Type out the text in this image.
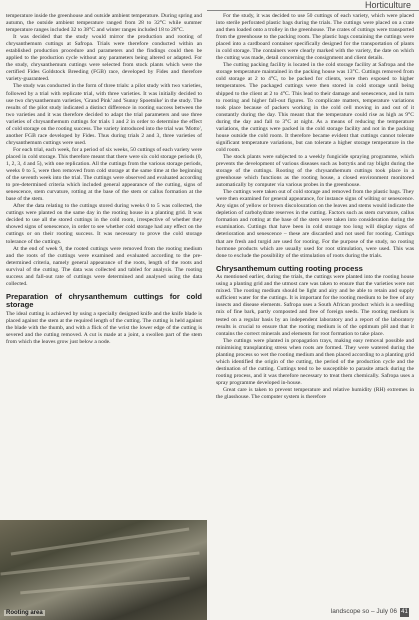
Horticulture

temperature inside the greenhouse and outside ambient temperature. During spring and autumn, the outside ambient temperature ranged from 28 to 32°C while summer temperature ranges included 32 to 38°C and winter ranges included 18 to 28°C.

It was decided that the study would mirror the production and rooting of chrysanthemum cuttings at Safropa. Trials were therefore conducted within an established production procedure and parameters and the findings could then be applied to the production cycle without any parameters being altered or adapted. For the study, chrysanthemum cuttings were selected from stock plants which were the certified Fides Goldstock Breeding (FGB) race, developed by Fides and therefore variety-guaranteed.

The study was conducted in the form of three trials: a pilot study with two varieties, followed by a trial with replicate trial, with three varieties. It was initially decided to use two chrysanthemum varieties, 'Grand Pink' and 'Sunny Spoetnike' in the study. The results of the pilot study indicated a distinct difference in rooting success between the two varieties and it was therefore decided to adapt the trial parameters and use three varieties of chrysanthemum cuttings for trials 1 and 2 in order to determine the effect of cold storage on the rooting success. The variety introduced into the trial was 'Motto', another FGB race developed by Fides. Thus during trials 2 and 3, three varieties of chrysanthemum cuttings were used.

For each trial, each week, for a period of six weeks, 50 cuttings of each variety were placed in cold storage. This therefore meant that there were six cold storage periods (0, 1, 2, 3, 4 and 5), with one replication. All the cuttings from the various storage periods, weeks 0 to 5, were then removed from cold storage at the same time at the beginning of the seventh week into the trial. The cuttings were observed and evaluated according to pre-determined criteria which included general appearance of the cutting, signs of senescence, stem curvature, rotting at the base of the stem or callus formation at the base of the stem.

After the data relating to the cuttings stored during weeks 0 to 5 was collected, the cuttings were planted on the same day in the rooting house in a planting grid. It was decided to use all the stored cuttings in the cold room, irrespective of whether they showed signs of senescence, in order to see whether cold storage had any effect on the cuttings or on their rooting success. It was necessary to prove the cold storage tolerance of the cuttings.

At the end of week 9, the rooted cuttings were removed from the rooting medium and the roots of the cuttings were examined and evaluated according to the pre-determined criteria, namely general appearance of the roots, length of the roots and survival of the cutting. The data was collected and tabled for analysis. The rooting success and fall-out rate of cuttings were determined and analysed using the data collected.

Preparation of chrysanthemum cuttings for cold storage

The ideal cutting is achieved by using a specially designed knife and the knife blade is placed against the stem at the required length of the cutting. The cutting is held against the blade with the thumb, and with a flick of the wrist the lower edge of the cutting is severed and the cutting removed. A cut is made at a joint, a swollen part of the stem from which the leaves grow just below a node.

For the study, it was decided to use 50 cuttings of each variety, which were placed into sterile perforated plastic bags during the trials. The cuttings were placed on a crate and then loaded onto a trolley in the greenhouse. The crates of cuttings were transported from the greenhouse to the packing room. The plastic bags containing the cuttings were placed into a cardboard container specifically designed for the transportation of plants in cold storage. The containers were clearly marked with the variety, the date on which the cutting was made, detail concerning the consignment and client details.

The cutting packing facility is located in the cold storage facility at Safropa and the storage temperature maintained in the packing house was 13°C. Cuttings removed from cold storage at 2 to 4°C, to be packed for clients, were then exposed to higher temperatures. The packaged cuttings were then stored in cold storage until being shipped to the client at 2 to 4°C. This lead to their damage and senescence, and in turn to rooting and higher fall-out figures. To complicate matters, temperature variations took place because of packers working in the cold cell moving in and out of it constantly during the day. This meant that the temperature could rise as high as 9°C during the day and fall to 3°C at night. As a means of reducing the temperature variations, the cuttings were packed in the cold storage facility and not in the packing house outside the cold room. It therefore became evident that cuttings cannot tolerate significant temperature variations, but can tolerate a higher storage temperature in the cold room.

The stock plants were subjected to a weekly fungicide spraying programme, which prevents the development of various diseases such as botrytis and ray blight during the storage of the cuttings. Rooting of the chrysanthemum cuttings took place in a greenhouse which functions as the rooting house, a closed environment monitored automatically by computer via various probes in the greenhouse.

The cuttings were taken out of cold storage and removed from the plastic bags. They were then examined for general appearance, for instance signs of wilting or senescence. Any signs of yellow or brown discolouration on the leaves and stems would indicate the depletion of carbohydrate reserves in the cutting. Factors such as stem curvature, callus formation and rotting at the base of the stem were taken into consideration during the examination. Cuttings that have been in cold storage too long will display signs of deterioration and senescence – these are discarded and not used for rooting. Cuttings that are fresh and turgid are used for rooting. For the purpose of the study, no rooting hormone products which are usually used for root stimulation, were used. This was done to exclude the possibility of the stimulation of roots during the trials.

Chrysanthemum cutting rooting process

As mentioned earlier, during the trials, the cuttings were planted into the rooting house using a planting grid and the utmost care was taken to ensure that the varieties were not mixed. The rooting medium should be light and airy and be able to retain and supply sufficient water for the cuttings. It is important for the rooting medium to be free of any insects and disease elements. Safropa uses a South African product which is a seedling mix of fine bark, partly composted and free of foreign seeds. The rooting medium is tested on a regular basis by an independent laboratory and a report of the laboratory results is crucial to ensure that the rooting medium is of the optimum pH and that it contains the correct minerals and elements for root formation to take place.

The cuttings were planted in propagation trays, making easy removal possible and minimising transplanting stress when roots are formed. They were watered during the planting process so wet the rooting medium and then placed according to a planting grid which identified the origin of the cutting, the period of the production cycle and the destination of the cutting. Cuttings tend to be susceptible to parasite attack during the rooting process, and it was therefore necessary to treat them chemically. Safropa uses a spray programme developed in-house.

Great care is taken to prevent temperature and relative humidity (RH) extremes in the glasshouse. The computer system is therefore

Rooting area	landscope so – July 06 41
